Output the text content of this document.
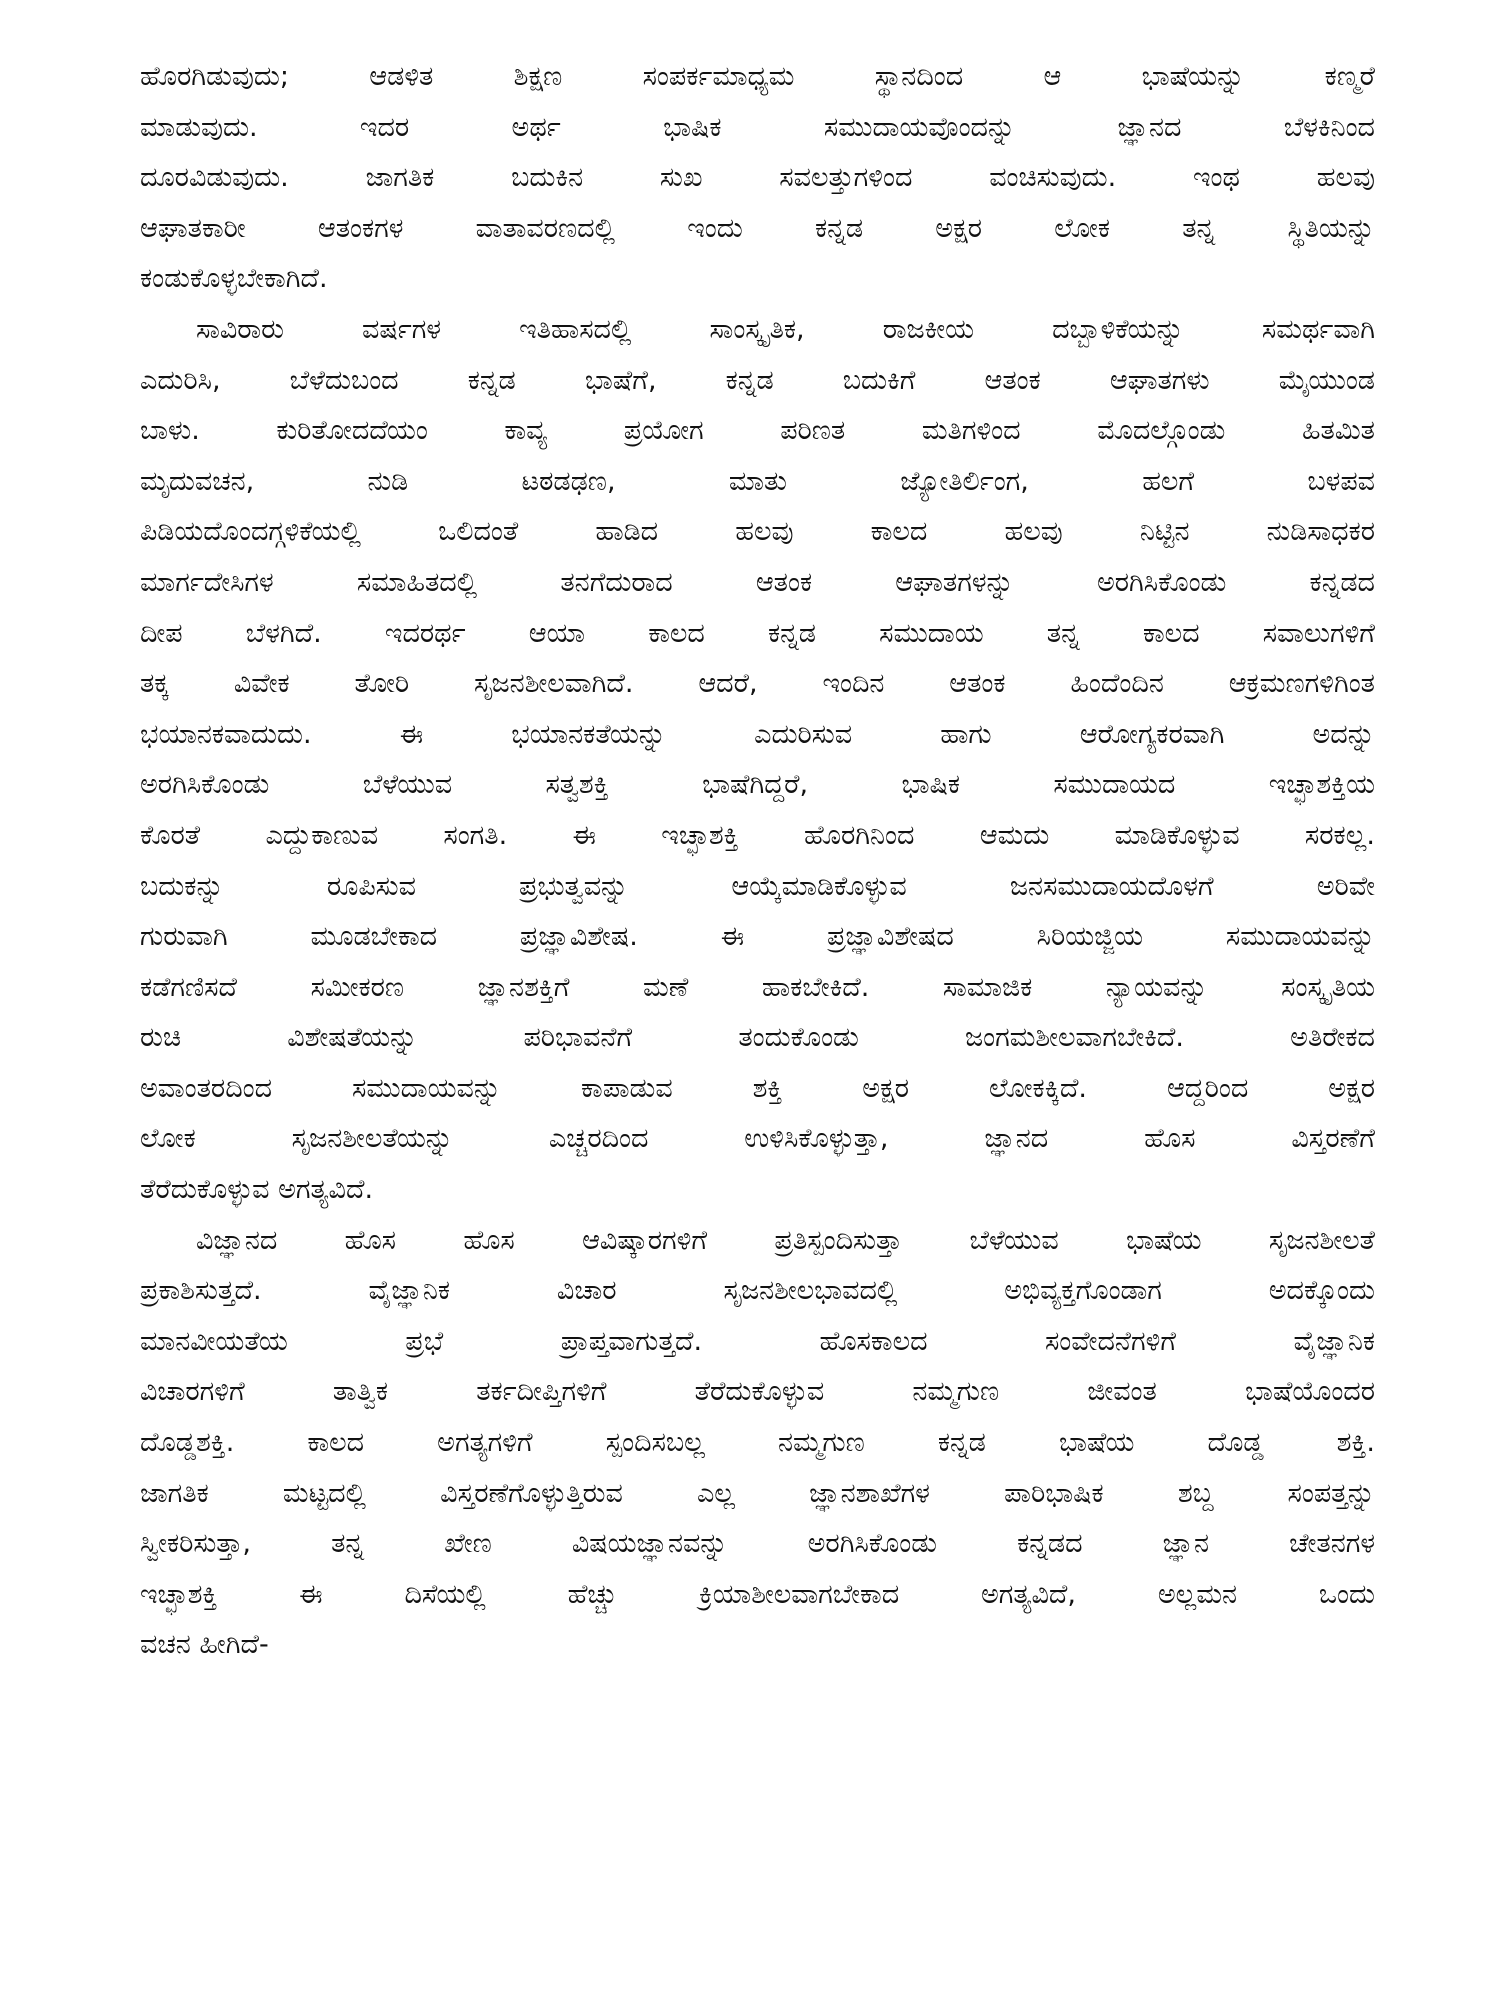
ಹೊರಗಿಡುವುದು; ಆಡಳಿತ ಶಿಕ್ಷಣ ಸಂಪರ್ಕಮಾಧ್ಯಮ ಸ್ಥಾನದಿಂದ ಆ ಭಾಷೆಯನ್ನು ಕಣ್ಮರೆ
ಮಾಡುವುದು. ಇದರ ಅರ್ಥ ಭಾಷಿಕ ಸಮುದಾಯವೊಂದನ್ನು ಜ್ಞಾನದ ಬೆಳಕಿನಿಂದ
ದೂರವಿಡುವುದು. ಜಾಗತಿಕ ಬದುಕಿನ ಸುಖ ಸವಲತ್ತುಗಳಿಂದ ವಂಚಿಸುವುದು. ಇಂಥ ಹಲವು
ಆಘಾತಕಾರೀ ಆತಂಕಗಳ ವಾತಾವರಣದಲ್ಲಿ ಇಂದು ಕನ್ನಡ ಅಕ್ಷರ ಲೋಕ ತನ್ನ ಸ್ಥಿತಿಯನ್ನು
ಕಂಡುಕೊಳ್ಳಬೇಕಾಗಿದೆ.
ಸಾವಿರಾರು ವರ್ಷಗಳ ಇತಿಹಾಸದಲ್ಲಿ ಸಾಂಸ್ಕೃತಿಕ, ರಾಜಕೀಯ ದಬ್ಬಾಳಿಕೆಯನ್ನು ಸಮರ್ಥವಾಗಿ
ಎದುರಿಸಿ, ಬೆಳೆದುಬಂದ ಕನ್ನಡ ಭಾಷೆಗೆ, ಕನ್ನಡ ಬದುಕಿಗೆ ಆತಂಕ ಆಘಾತಗಳು ಮೈಯುಂಡ
ಬಾಳು. ಕುರಿತೋದದೆಯಂ ಕಾವ್ಯ ಪ್ರಯೋಗ ಪರಿಣತ ಮತಿಗಳಿಂದ ಮೊದಲ್ಗೊಂಡು ಹಿತಮಿತ
ಮೃದುವಚನ, ನುಡಿ ಟಠಡಢಣ, ಮಾತು ಜ್ಯೋತಿರ್ಲಿಂಗ, ಹಲಗೆ ಬಳಪವ
ಪಿಡಿಯದೊಂದಗ್ಗಳಿಕೆಯಲ್ಲಿ ಒಲಿದಂತೆ ಹಾಡಿದ ಹಲವು ಕಾಲದ ಹಲವು ನಿಟ್ಟಿನ ನುಡಿಸಾಧಕರ
ಮಾರ್ಗದೇಸಿಗಳ ಸಮಾಹಿತದಲ್ಲಿ ತನಗೆದುರಾದ ಆತಂಕ ಆಘಾತಗಳನ್ನು ಅರಗಿಸಿಕೊಂಡು ಕನ್ನಡದ
ದೀಪ ಬೆಳಗಿದೆ. ಇದರರ್ಥ ಆಯಾ ಕಾಲದ ಕನ್ನಡ ಸಮುದಾಯ ತನ್ನ ಕಾಲದ ಸವಾಲುಗಳಿಗೆ
ತಕ್ಕ ವಿವೇಕ ತೋರಿ ಸೃಜನಶೀಲವಾಗಿದೆ. ಆದರೆ, ಇಂದಿನ ಆತಂಕ ಹಿಂದೆಂದಿನ ಆಕ್ರಮಣಗಳಿಗಿಂತ
ಭಯಾನಕವಾದುದು. ಈ ಭಯಾನಕತೆಯನ್ನು ಎದುರಿಸುವ ಹಾಗು ಆರೋಗ್ಯಕರವಾಗಿ ಅದನ್ನು
ಅರಗಿಸಿಕೊಂಡು ಬೆಳೆಯುವ ಸತ್ವಶಕ್ತಿ ಭಾಷೆಗಿದ್ದರೆ, ಭಾಷಿಕ ಸಮುದಾಯದ ಇಚ್ಛಾಶಕ್ತಿಯ
ಕೊರತೆ ಎದ್ದುಕಾಣುವ ಸಂಗತಿ. ಈ ಇಚ್ಛಾಶಕ್ತಿ ಹೊರಗಿನಿಂದ ಆಮದು ಮಾಡಿಕೊಳ್ಳುವ ಸರಕಲ್ಲ.
ಬದುಕನ್ನು ರೂಪಿಸುವ ಪ್ರಭುತ್ವವನ್ನು ಆಯ್ಕೆಮಾಡಿಕೊಳ್ಳುವ ಜನಸಮುದಾಯದೊಳಗೆ ಅರಿವೇ
ಗುರುವಾಗಿ ಮೂಡಬೇಕಾದ ಪ್ರಜ್ಞಾವಿಶೇಷ. ಈ ಪ್ರಜ್ಞಾವಿಶೇಷದ ಸಿರಿಯಜ್ಜಿಯ ಸಮುದಾಯವನ್ನು
ಕಡೆಗಣಿಸದೆ ಸಮೀಕರಣ ಜ್ಞಾನಶಕ್ತಿಗೆ ಮಣೆ ಹಾಕಬೇಕಿದೆ. ಸಾಮಾಜಿಕ ನ್ಯಾಯವನ್ನು ಸಂಸ್ಕೃತಿಯ
ರುಚಿ ವಿಶೇಷತೆಯನ್ನು ಪರಿಭಾವನೆಗೆ ತಂದುಕೊಂಡು ಜಂಗಮಶೀಲವಾಗಬೇಕಿದೆ. ಅತಿರೇಕದ
ಅವಾಂತರದಿಂದ ಸಮುದಾಯವನ್ನು ಕಾಪಾಡುವ ಶಕ್ತಿ ಅಕ್ಷರ ಲೋಕಕ್ಕಿದೆ. ಆದ್ದರಿಂದ ಅಕ್ಷರ
ಲೋಕ ಸೃಜನಶೀಲತೆಯನ್ನು ಎಚ್ಚರದಿಂದ ಉಳಿಸಿಕೊಳ್ಳುತ್ತಾ, ಜ್ಞಾನದ ಹೊಸ ವಿಸ್ತರಣೆಗೆ
ತೆರೆದುಕೊಳ್ಳುವ ಅಗತ್ಯವಿದೆ.
ವಿಜ್ಞಾನದ ಹೊಸ ಹೊಸ ಆವಿಷ್ಕಾರಗಳಿಗೆ ಪ್ರತಿಸ್ಪಂದಿಸುತ್ತಾ ಬೆಳೆಯುವ ಭಾಷೆಯ ಸೃಜನಶೀಲತೆ
ಪ್ರಕಾಶಿಸುತ್ತದೆ. ವೈಜ್ಞಾನಿಕ ವಿಚಾರ ಸೃಜನಶೀಲಭಾವದಲ್ಲಿ ಅಭಿವ್ಯಕ್ತಗೊಂಡಾಗ ಅದಕ್ಕೊಂದು
ಮಾನವೀಯತೆಯ ಪ್ರಭೆ ಪ್ರಾಪ್ತವಾಗುತ್ತದೆ. ಹೊಸಕಾಲದ ಸಂವೇದನೆಗಳಿಗೆ ವೈಜ್ಞಾನಿಕ
ವಿಚಾರಗಳಿಗೆ ತಾತ್ವಿಕ ತರ್ಕದೀಪ್ತಿಗಳಿಗೆ ತೆರೆದುಕೊಳ್ಳುವ ನಮ್ಮಗುಣ ಜೀವಂತ ಭಾಷೆಯೊಂದರ
ದೊಡ್ಡಶಕ್ತಿ. ಕಾಲದ ಅಗತ್ಯಗಳಿಗೆ ಸ್ಪಂದಿಸಬಲ್ಲ ನಮ್ಮಗುಣ ಕನ್ನಡ ಭಾಷೆಯ ದೊಡ್ಡ ಶಕ್ತಿ.
ಜಾಗತಿಕ ಮಟ್ಟದಲ್ಲಿ ವಿಸ್ತರಣೆಗೊಳ್ಳುತ್ತಿರುವ ಎಲ್ಲ ಜ್ಞಾನಶಾಖೆಗಳ ಪಾರಿಭಾಷಿಕ ಶಬ್ದ ಸಂಪತ್ತನ್ನು
ಸ್ವೀಕರಿಸುತ್ತಾ, ತನ್ನ ಖೇಣ ವಿಷಯಜ್ಞಾನವನ್ನು ಅರಗಿಸಿಕೊಂಡು ಕನ್ನಡದ ಜ್ಞಾನ ಚೇತನಗಳ
ಇಚ್ಛಾಶಕ್ತಿ ಈ ದಿಸೆಯಲ್ಲಿ ಹೆಚ್ಚು ಕ್ರಿಯಾಶೀಲವಾಗಬೇಕಾದ ಅಗತ್ಯವಿದೆ, ಅಲ್ಲಮನ ಒಂದು
ವಚನ ಹೀಗಿದೆ-
